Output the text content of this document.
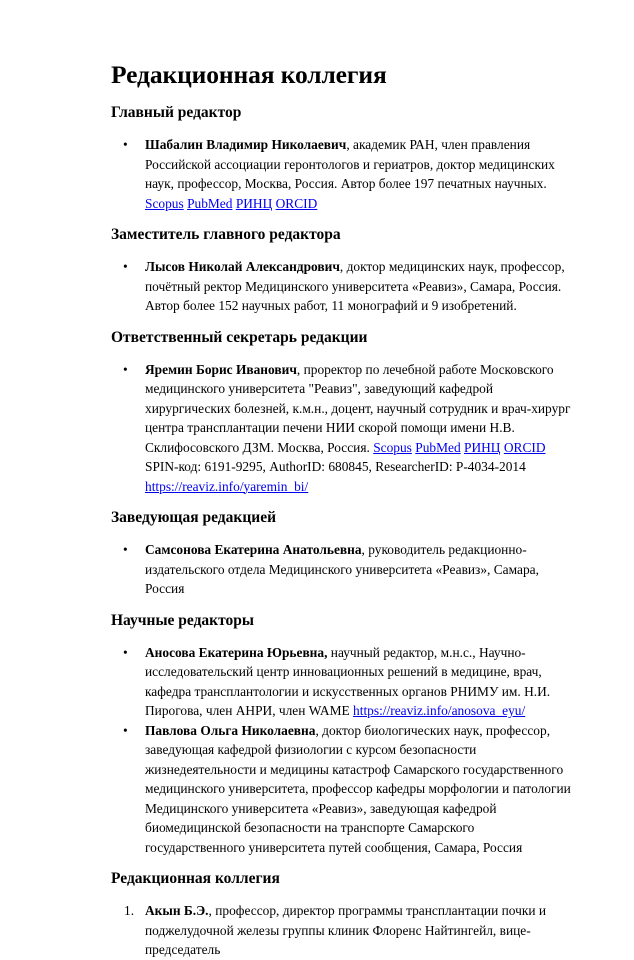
Редакционная коллегия
Главный редактор
• Шабалин Владимир Николаевич, академик РАН, член правления Российской ассоциации геронтологов и гериатров, доктор медицинских наук, профессор, Москва, Россия. Автор более 197 печатных научных. Scopus PubMed РИНЦ ORCID
Заместитель главного редактора
• Лысов Николай Александрович, доктор медицинских наук, профессор, почётный ректор Медицинского университета «Реавиз», Самара, Россия. Автор более 152 научных работ, 11 монографий и 9 изобретений.
Ответственный секретарь редакции
• Яремин Борис Иванович, проректор по лечебной работе Московского медицинского университета "Реавиз", заведующий кафедрой хирургических болезней, к.м.н., доцент, научный сотрудник и врач-хирург центра трансплантации печени НИИ скорой помощи имени Н.В. Склифосовского ДЗМ. Москва, Россия. Scopus PubMed РИНЦ ORCID SPIN-код: 6191-9295, AuthorID: 680845, ResearcherID: P-4034-2014 https://reaviz.info/yaremin_bi/
Заведующая редакцией
• Самсонова Екатерина Анатольевна, руководитель редакционно-издательского отдела Медицинского университета «Реавиз», Самара, Россия
Научные редакторы
• Аносова Екатерина Юрьевна, научный редактор, м.н.с., Научно-исследовательский центр инновационных решений в медицине, врач, кафедра трансплантологии и искусственных органов РНИМУ им. Н.И. Пирогова, член АНРИ, член WAME https://reaviz.info/anosova_eyu/
• Павлова Ольга Николаевна, доктор биологических наук, профессор, заведующая кафедрой физиологии с курсом безопасности жизнедеятельности и медицины катастроф Самарского государственного медицинского университета, профессор кафедры морфологии и патологии Медицинского университета «Реавиз», заведующая кафедрой биомедицинской безопасности на транспорте Самарского государственного университета путей сообщения, Самара, Россия
Редакционная коллегия
1. Акын Б.Э., профессор, директор программы трансплантации почки и поджелудочной железы группы клиник Флоренс Найтингейл, вице-председатель
